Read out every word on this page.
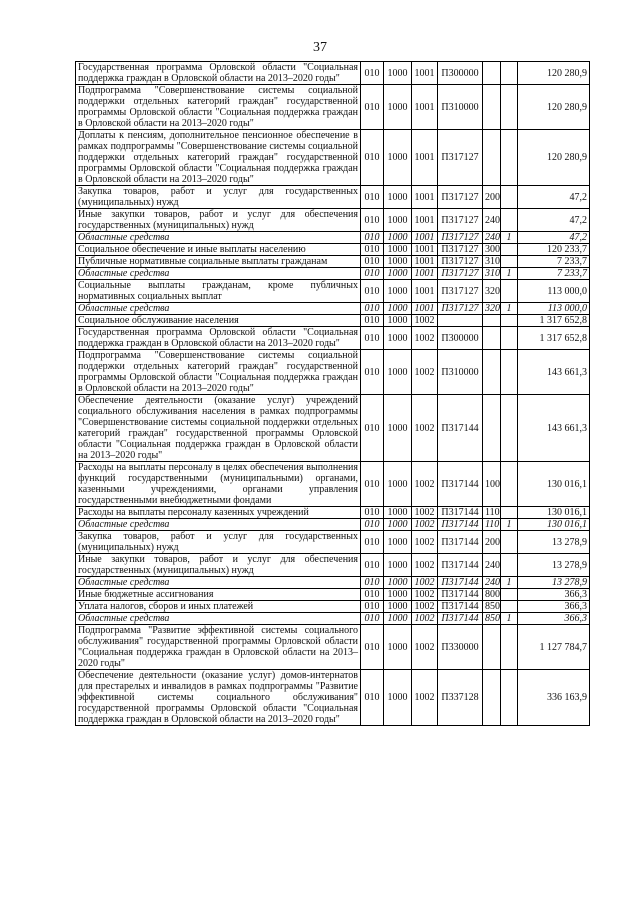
37
Государственная программа Орловской области "Социальная поддержка граждан в Орловской области на 2013–2020 годы"	010	1000	1001	П300000			120 280,9
Подпрограмма "Совершенствование системы социальной поддержки отдельных категорий граждан" государственной программы Орловской области "Социальная поддержка граждан в Орловской области на 2013–2020 годы"	010	1000	1001	П310000			120 280,9
Доплаты к пенсиям, дополнительное пенсионное обеспечение в рамках подпрограммы "Совершенствование системы социальной поддержки отдельных категорий граждан" государственной программы Орловской области "Социальная поддержка граждан в Орловской области на 2013–2020 годы"	010	1000	1001	П317127			120 280,9
Закупка товаров, работ и услуг для государственных (муниципальных) нужд	010	1000	1001	П317127	200		47,2
Иные закупки товаров, работ и услуг для обеспечения государственных (муниципальных) нужд	010	1000	1001	П317127	240		47,2
Областные средства	010	1000	1001	П317127	240	1	47,2
Социальное обеспечение и иные выплаты населению	010	1000	1001	П317127	300		120 233,7
Публичные нормативные социальные выплаты гражданам	010	1000	1001	П317127	310		7 233,7
Областные средства	010	1000	1001	П317127	310	1	7 233,7
Социальные выплаты гражданам, кроме публичных нормативных социальных выплат	010	1000	1001	П317127	320		113 000,0
Областные средства	010	1000	1001	П317127	320	1	113 000,0
Социальное обслуживание населения	010	1000	1002				1 317 652,8
Государственная программа Орловской области "Социальная поддержка граждан в Орловской области на 2013–2020 годы"	010	1000	1002	П300000			1 317 652,8
Подпрограмма "Совершенствование системы социальной поддержки отдельных категорий граждан" государственной программы Орловской области "Социальная поддержка граждан в Орловской области на 2013–2020 годы"	010	1000	1002	П310000			143 661,3
Обеспечение деятельности (оказание услуг) учреждений социального обслуживания населения в рамках подпрограммы "Совершенствование системы социальной поддержки отдельных категорий граждан" государственной программы Орловской области "Социальная поддержка граждан в Орловской области на 2013–2020 годы"	010	1000	1002	П317144			143 661,3
Расходы на выплаты персоналу в целях обеспечения выполнения функций государственными (муниципальными) органами, казенными учреждениями, органами управления государственными внебюджетными фондами	010	1000	1002	П317144	100		130 016,1
Расходы на выплаты персоналу казенных учреждений	010	1000	1002	П317144	110		130 016,1
Областные средства	010	1000	1002	П317144	110	1	130 016,1
Закупка товаров, работ и услуг для государственных (муниципальных) нужд	010	1000	1002	П317144	200		13 278,9
Иные закупки товаров, работ и услуг для обеспечения государственных (муниципальных) нужд	010	1000	1002	П317144	240		13 278,9
Областные средства	010	1000	1002	П317144	240	1	13 278,9
Иные бюджетные ассигнования	010	1000	1002	П317144	800		366,3
Уплата налогов, сборов и иных платежей	010	1000	1002	П317144	850		366,3
Областные средства	010	1000	1002	П317144	850	1	366,3
Подпрограмма "Развитие эффективной системы социального обслуживания" государственной программы Орловской области "Социальная поддержка граждан в Орловской области на 2013–2020 годы"	010	1000	1002	П330000			1 127 784,7
Обеспечение деятельности (оказание услуг) домов-интернатов для престарелых и инвалидов в рамках подпрограммы "Развитие эффективной системы социального обслуживания" государственной программы Орловской области "Социальная поддержка граждан в Орловской области на 2013–2020 годы"	010	1000	1002	П337128			336 163,9
